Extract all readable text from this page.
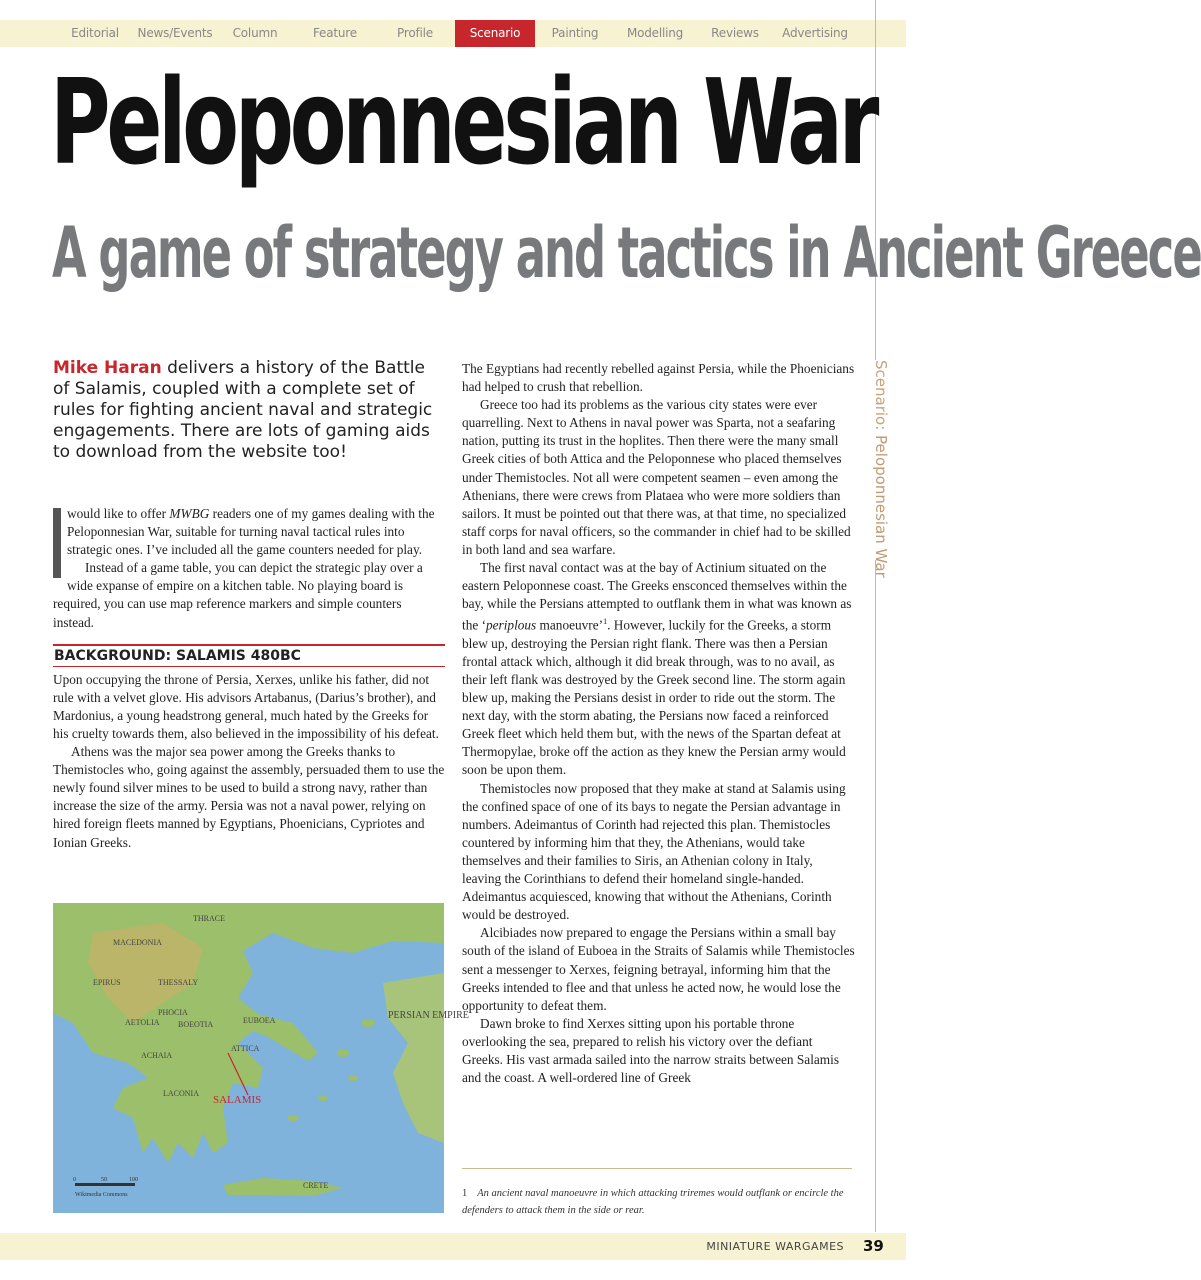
Editorial	News/Events	Column	Feature	Profile	Scenario	Painting	Modelling	Reviews	Advertising
Scenario: Peloponnesian War
Peloponnesian War
A game of strategy and tactics in Ancient Greece
Mike Haran delivers a history of the Battle of Salamis, coupled with a complete set of rules for fighting ancient naval and strategic engagements. There are lots of gaming aids to download from the website too!

would like to offer MWBG readers one of my games dealing with the Peloponnesian War, suitable for turning naval tactical rules into strategic ones. I’ve included all the game counters needed for play.

Instead of a game table, you can depict the strategic play over a wide expanse of empire on a kitchen table. No playing board is required, you can use map reference markers and simple counters instead.

BACKGROUND: SALAMIS 480BC

Upon occupying the throne of Persia, Xerxes, unlike his father, did not rule with a velvet glove. His advisors Artabanus, (Darius’s brother), and Mardonius, a young headstrong general, much hated by the Greeks for his cruelty towards them, also believed in the impossibility of his defeat.

Athens was the major sea power among the Greeks thanks to Themistocles who, going against the assembly, persuaded them to use the newly found silver mines to be used to build a strong navy, rather than increase the size of the army. Persia was not a naval power, relying on hired foreign fleets manned by Egyptians, Phoenicians, Cypriotes and Ionian Greeks.

THRACE
MACEDONIA
EPIRUS	THESSALY
AETOLIA
PHOCIA
BOEOTIA	EUBOEA
ATTICA
ACHAIA
LACONIA
PERSIAN EMPIRE
CRETE
SALAMIS
0	50	100
Wikimedia Commons

The Egyptians had recently rebelled against Persia, while the Phoenicians had helped to crush that rebellion.

Greece too had its problems as the various city states were ever quarrelling. Next to Athens in naval power was Sparta, not a seafaring nation, putting its trust in the hoplites. Then there were the many small Greek cities of both Attica and the Peloponnese who placed themselves under Themistocles. Not all were competent seamen – even among the Athenians, there were crews from Plataea who were more soldiers than sailors. It must be pointed out that there was, at that time, no specialized staff corps for naval officers, so the commander in chief had to be skilled in both land and sea warfare.

The first naval contact was at the bay of Actinium situated on the eastern Peloponnese coast. The Greeks ensconced themselves within the bay, while the Persians attempted to outflank them in what was known as the ‘periplous manoeuvre’$^1$. However, luckily for the Greeks, a storm blew up, destroying the Persian right flank. There was then a Persian frontal attack which, although it did break through, was to no avail, as their left flank was destroyed by the Greek second line. The storm again blew up, making the Persians desist in order to ride out the storm. The next day, with the storm abating, the Persians now faced a reinforced Greek fleet which held them but, with the news of the Spartan defeat at Thermopylae, broke off the action as they knew the Persian army would soon be upon them.

Themistocles now proposed that they make at stand at Salamis using the confined space of one of its bays to negate the Persian advantage in numbers. Adeimantus of Corinth had rejected this plan. Themistocles countered by informing him that they, the Athenians, would take themselves and their families to Siris, an Athenian colony in Italy, leaving the Corinthians to defend their homeland single-handed. Adeimantus acquiesced, knowing that without the Athenians, Corinth would be destroyed.

Alcibiades now prepared to engage the Persians within a small bay south of the island of Euboea in the Straits of Salamis while Themistocles sent a messenger to Xerxes, feigning betrayal, informing him that the Greeks intended to flee and that unless he acted now, he would lose the opportunity to defeat them.

Dawn broke to find Xerxes sitting upon his portable throne overlooking the sea, prepared to relish his victory over the defiant Greeks. His vast armada sailed into the narrow straits between Salamis and the coast. A well-ordered line of Greek

1 An ancient naval manoeuvre in which attacking triremes would outflank or encircle the defenders to attack them in the side or rear.
MINIATURE WARGAMES 39
